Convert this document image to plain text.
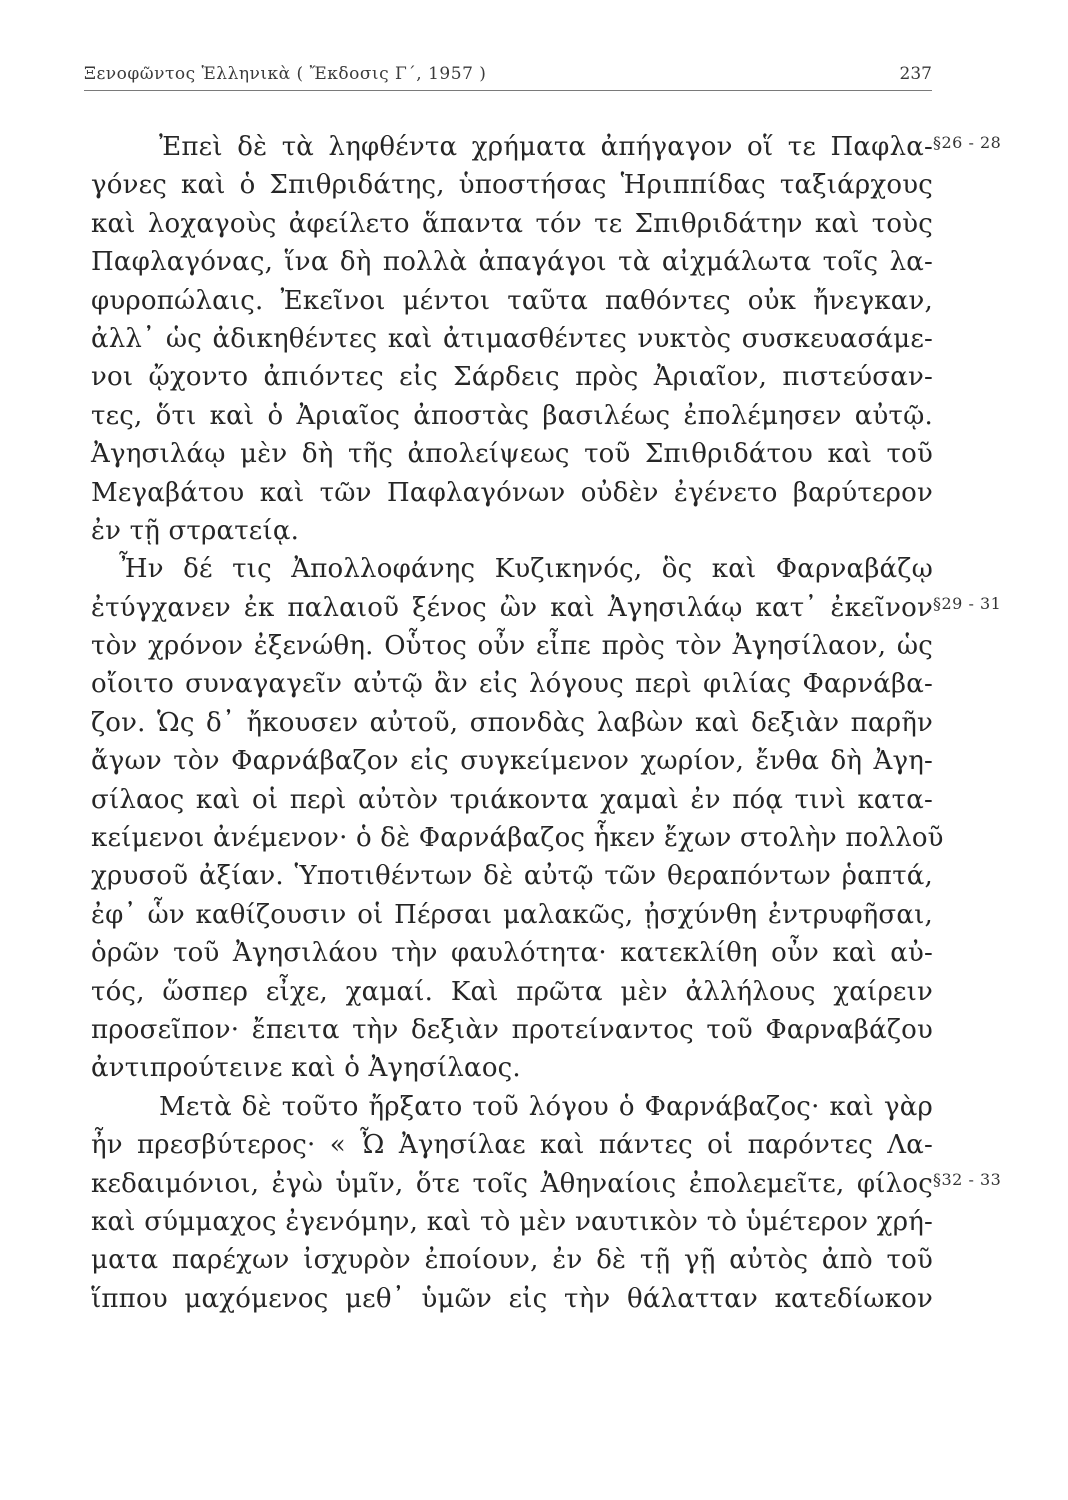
Ξενοφῶντος Ἑλληνικὰ ( Ἔκδοσις Γ΄, 1957 )	237
§26 - 28
§29 - 31
§32 - 33
Ἐπεὶ δὲ τὰ ληφθέντα χρήματα ἀπήγαγον οἵ τε Παφλα-
γόνες καὶ ὁ Σπιθριδάτης, ὑποστήσας Ἡριππίδας ταξιάρχους
καὶ λοχαγοὺς ἀφείλετο ἅπαντα τόν τε Σπιθριδάτην καὶ τοὺς
Παφλαγόνας, ἵνα δὴ πολλὰ ἀπαγάγοι τὰ αἰχμάλωτα τοῖς λα-
φυροπώλαις. Ἐκεῖνοι μέντοι ταῦτα παθόντες οὐκ ἤνεγκαν,
ἀλλ᾽ ὡς ἀδικηθέντες καὶ ἀτιμασθέντες νυκτὸς συσκευασάμε-
νοι ᾤχοντο ἀπιόντες εἰς Σάρδεις πρὸς Ἀριαῖον, πιστεύσαν-
τες, ὅτι καὶ ὁ Ἀριαῖος ἀποστὰς βασιλέως ἐπολέμησεν αὐτῷ.
Ἀγησιλάῳ μὲν δὴ τῆς ἀπολείψεως τοῦ Σπιθριδάτου καὶ τοῦ
Μεγαβάτου καὶ τῶν Παφλαγόνων οὐδὲν ἐγένετο βαρύτερον
ἐν τῇ στρατείᾳ.
Ἦν δέ τις Ἀπολλοφάνης Κυζικηνός, ὃς καὶ Φαρναβάζῳ
ἐτύγχανεν ἐκ παλαιοῦ ξένος ὢν καὶ Ἀγησιλάῳ κατ᾽ ἐκεῖνον
τὸν χρόνον ἐξενώθη. Οὗτος οὖν εἶπε πρὸς τὸν Ἀγησίλαον, ὡς
οἴοιτο συναγαγεῖν αὐτῷ ἂν εἰς λόγους περὶ φιλίας Φαρνάβα-
ζον. Ὡς δ᾽ ἤκουσεν αὐτοῦ, σπονδὰς λαβὼν καὶ δεξιὰν παρῆν
ἄγων τὸν Φαρνάβαζον εἰς συγκείμενον χωρίον, ἔνθα δὴ Ἀγη-
σίλαος καὶ οἱ περὶ αὐτὸν τριάκοντα χαμαὶ ἐν πόᾳ τινὶ κατα-
κείμενοι ἀνέμενον· ὁ δὲ Φαρνάβαζος ἧκεν ἔχων στολὴν πολλοῦ
χρυσοῦ ἀξίαν. Ὑποτιθέντων δὲ αὐτῷ τῶν θεραπόντων ῥαπτά,
ἐφ᾽ ὧν καθίζουσιν οἱ Πέρσαι μαλακῶς, ᾐσχύνθη ἐντρυφῆσαι,
ὁρῶν τοῦ Ἀγησιλάου τὴν φαυλότητα· κατεκλίθη οὖν καὶ αὐ-
τός, ὥσπερ εἶχε, χαμαί. Καὶ πρῶτα μὲν ἀλλήλους χαίρειν
προσεῖπον· ἔπειτα τὴν δεξιὰν προτείναντος τοῦ Φαρναβάζου
ἀντιπρούτεινε καὶ ὁ Ἀγησίλαος.
Μετὰ δὲ τοῦτο ἤρξατο τοῦ λόγου ὁ Φαρνάβαζος· καὶ γὰρ
ἦν πρεσβύτερος· « Ὦ Ἀγησίλαε καὶ πάντες οἱ παρόντες Λα-
κεδαιμόνιοι, ἐγὼ ὑμῖν, ὅτε τοῖς Ἀθηναίοις ἐπολεμεῖτε, φίλος
καὶ σύμμαχος ἐγενόμην, καὶ τὸ μὲν ναυτικὸν τὸ ὑμέτερον χρή-
ματα παρέχων ἰσχυρὸν ἐποίουν, ἐν δὲ τῇ γῇ αὐτὸς ἀπὸ τοῦ
ἵππου μαχόμενος μεθ᾽ ὑμῶν εἰς τὴν θάλατταν κατεδίωκον
